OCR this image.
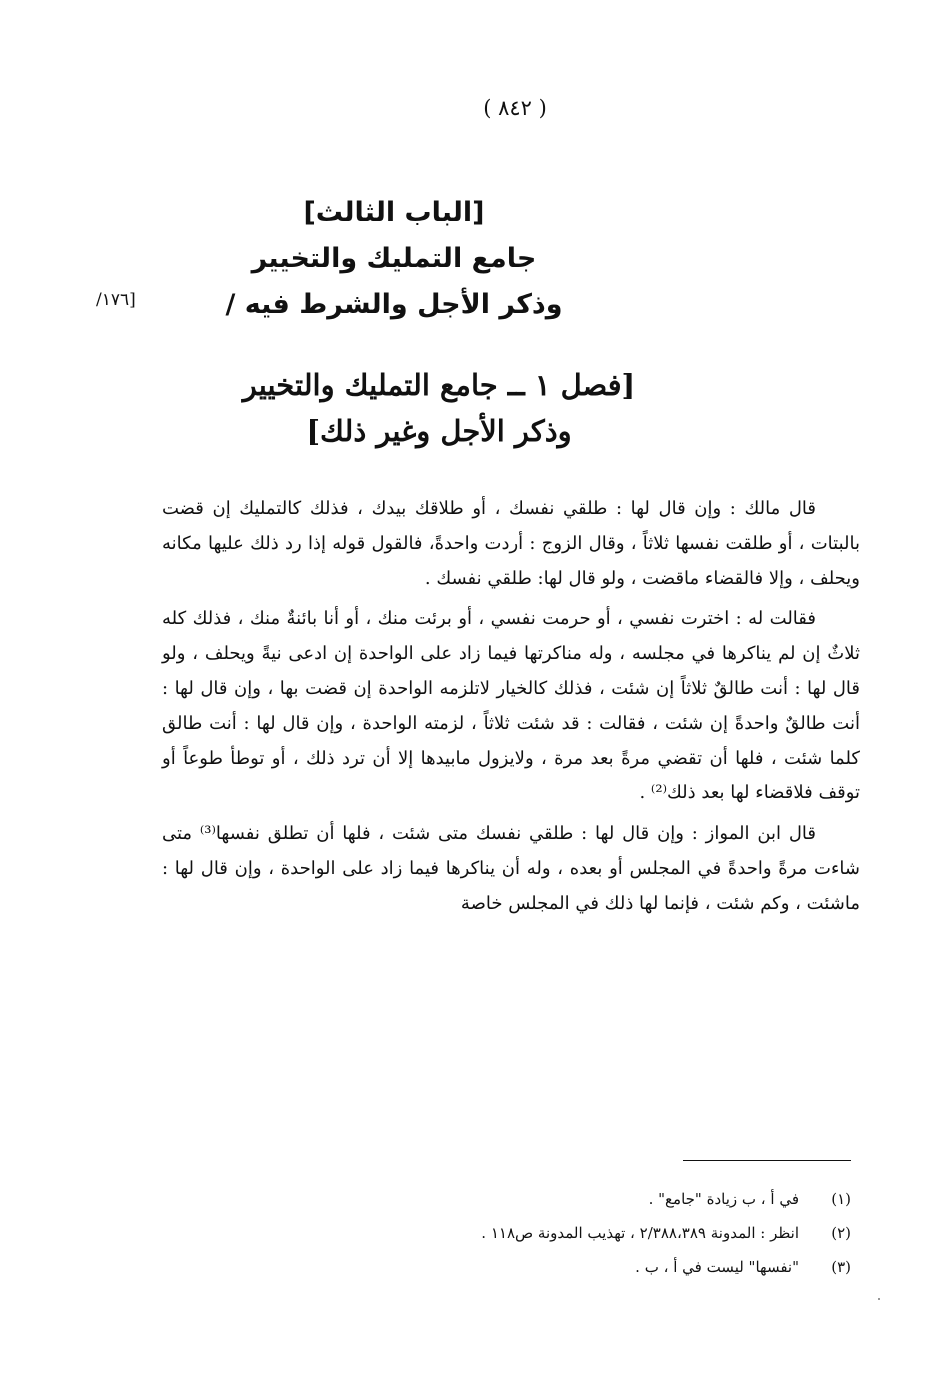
( ٨٤٢ )
[الباب الثالث]
جامع التمليك والتخيير
وذكر الأجل والشرط فيه /
[١٧٦/
[فصل ١ ــ جامع التمليك والتخيير
وذكر الأجل وغير ذلك]

قال مالك : وإن قال لها : طلقي نفسك ، أو طلاقك بيدك ، فذلك كالتمليك إن قضت بالبتات ، أو طلقت نفسها ثلاثاً ، وقال الزوج : أردت واحدةً، فالقول قوله إذا رد ذلك عليها مكانه ويحلف ، وإلا فالقضاء ماقضت ، ولو قال لها: طلقي نفسك .

فقالت له : اخترت نفسي ، أو حرمت نفسي ، أو برئت منك ، أو أنا بائنةٌ منك ، فذلك كله ثلاثٌ إن لم يناكرها في مجلسه ، وله مناكرتها فيما زاد على الواحدة إن ادعى نيةً ويحلف ، ولو قال لها : أنت طالقٌ ثلاثاً إن شئت ، فذلك كالخيار لاتلزمه الواحدة إن قضت بها ، وإن قال لها : أنت طالقٌ واحدةً إن شئت ، فقالت : قد شئت ثلاثاً ، لزمته الواحدة ، وإن قال لها : أنت طالق كلما شئت ، فلها أن تقضي مرةً بعد مرة ، ولايزول مابيدها إلا أن ترد ذلك ، أو توطأ طوعاً أو توقف فلاقضاء لها بعد ذلك⁽²⁾ .

قال ابن المواز : وإن قال لها : طلقي نفسك متى شئت ، فلها أن تطلق نفسها⁽³⁾ متى شاءت مرةً واحدةً في المجلس أو بعده ، وله أن يناكرها فيما زاد على الواحدة ، وإن قال لها : ماشئت ، وكم شئت ، فإنما لها ذلك في المجلس خاصة

(١)
في أ ، ب زيادة "جامع" .
(٢)
انظر : المدونة ٢/٣٨٨،٣٨٩ ، تهذيب المدونة ص١١٨ .
(٣)
"نفسها" ليست في أ ، ب .
